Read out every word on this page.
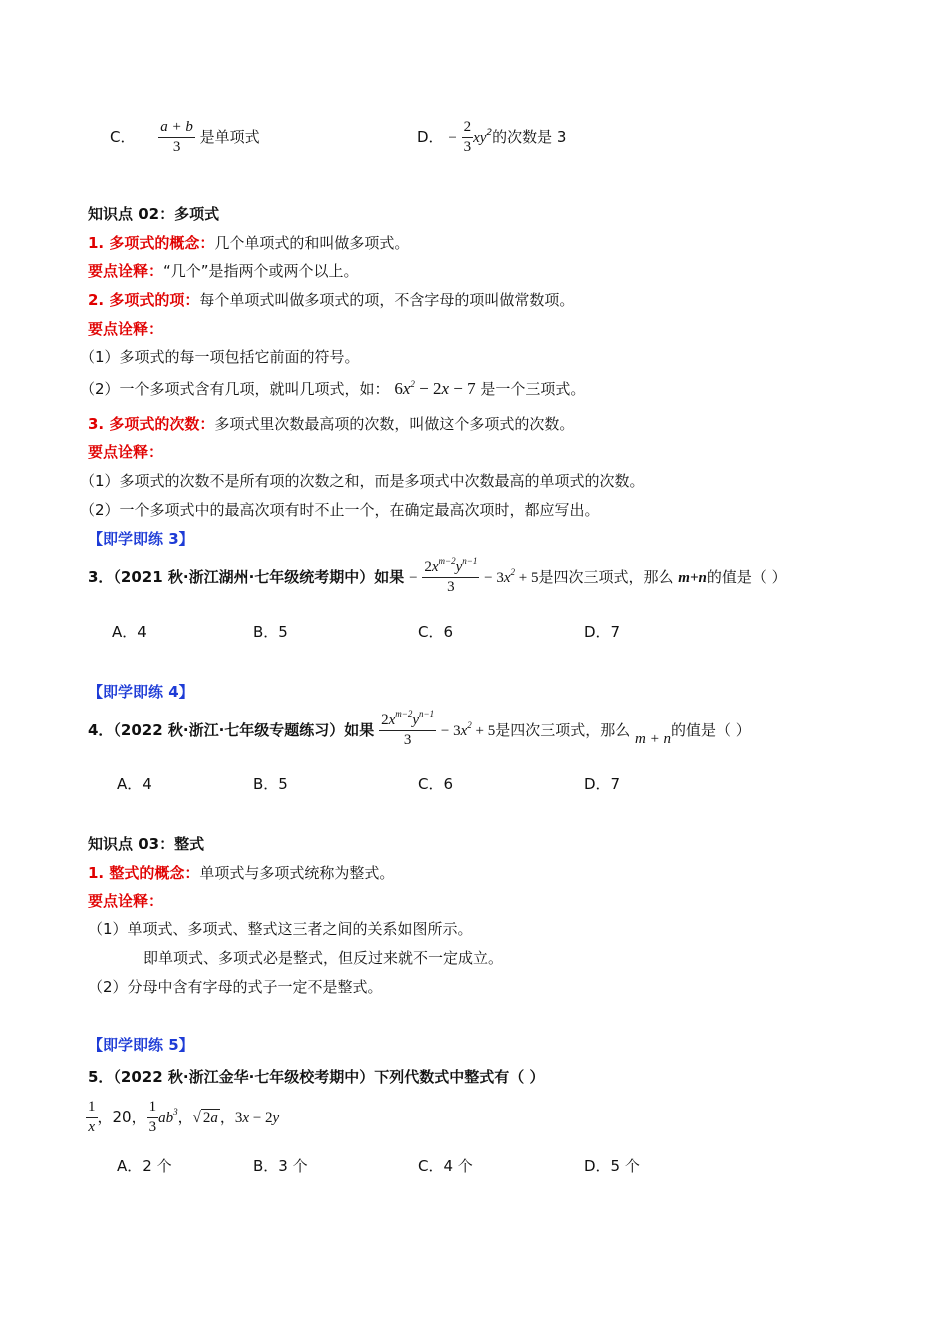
C． $\frac{a + b}{3}$ 是单项式	D． − $\frac{2}{3} xy^2$的次数是 3
知识点 02：多项式
1. 多项式的概念：几个单项式的和叫做多项式。
要点诠释：“几个”是指两个或两个以上。
2. 多项式的项：每个单项式叫做多项式的项，不含字母的项叫做常数项。
要点诠释：
（1）多项式的每一项包括它前面的符号。
（2）一个多项式含有几项，就叫几项式，如： $6x^2 - 2x - 7$ 是一个三项式。
3. 多项式的次数：多项式里次数最高项的次数，叫做这个多项式的次数。
要点诠释：
（1）多项式的次数不是所有项的次数之和，而是多项式中次数最高的单项式的次数。
（2）一个多项式中的最高次项有时不止一个，在确定最高次项时，都应写出。
【即学即练 3】
3．（2021 秋·浙江湖州·七年级统考期中）如果 − $\frac{2x^{m-2}y^{n-1}}{3} - 3x^2 + 5$是四次三项式，那么 m+n的值是（ ）
A．4	B．5	C．6	D．7
【即学即练 4】
4．（2022 秋·浙江·七年级专题练习）如果 $\frac{2x^{m-2}y^{n-1}}{3} - 3x^2 + 5$是四次三项式，那么 m + n的值是（ ）
A．4	B．5	C．6	D．7
知识点 03：整式
1. 整式的概念：单项式与多项式统称为整式。
要点诠释：
（1）单项式、多项式、整式这三者之间的关系如图所示。
即单项式、多项式必是整式，但反过来就不一定成立。
（2）分母中含有字母的式子一定不是整式。
【即学即练 5】
5．（2022 秋·浙江金华·七年级校考期中）下列代数式中整式有（ ）
$\frac{1}{x}$ ，20， $\frac{1}{3} ab^3$，√ 2a ，3x − 2y
A．2 个	B．3 个	C．4 个	D．5 个
